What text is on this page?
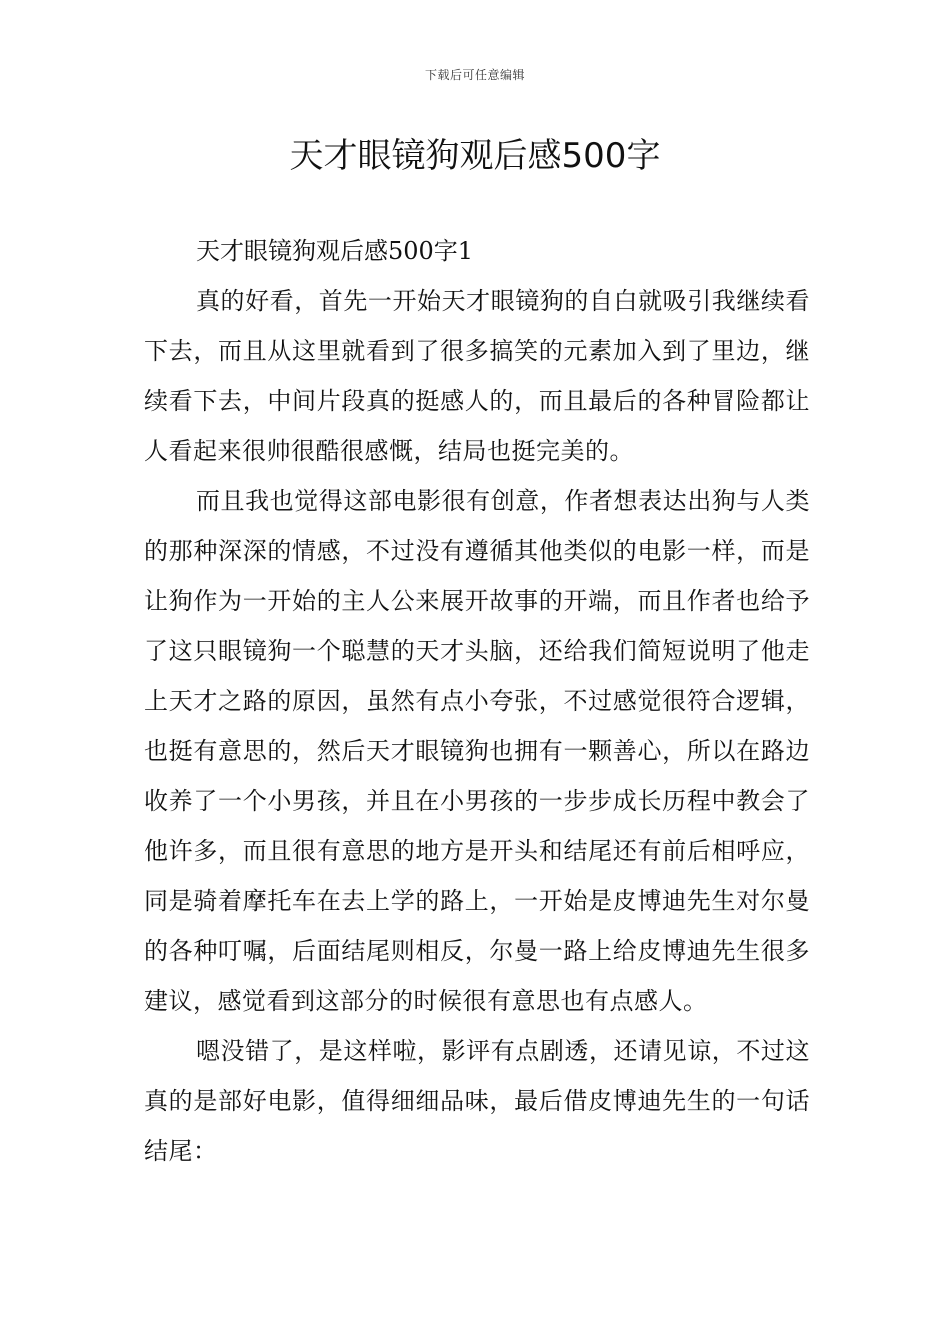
下载后可任意编辑
天才眼镜狗观后感500字

天才眼镜狗观后感500字1

真的好看，首先一开始天才眼镜狗的自白就吸引我继续看下去，而且从这里就看到了很多搞笑的元素加入到了里边，继续看下去，中间片段真的挺感人的，而且最后的各种冒险都让人看起来很帅很酷很感慨，结局也挺完美的。

而且我也觉得这部电影很有创意，作者想表达出狗与人类的那种深深的情感，不过没有遵循其他类似的电影一样，而是让狗作为一开始的主人公来展开故事的开端，而且作者也给予了这只眼镜狗一个聪慧的天才头脑，还给我们简短说明了他走上天才之路的原因，虽然有点小夸张，不过感觉很符合逻辑，也挺有意思的，然后天才眼镜狗也拥有一颗善心，所以在路边收养了一个小男孩，并且在小男孩的一步步成长历程中教会了他许多，而且很有意思的地方是开头和结尾还有前后相呼应，同是骑着摩托车在去上学的路上，一开始是皮博迪先生对尔曼的各种叮嘱，后面结尾则相反，尔曼一路上给皮博迪先生很多建议，感觉看到这部分的时候很有意思也有点感人。

嗯没错了，是这样啦，影评有点剧透，还请见谅，不过这真的是部好电影，值得细细品味，最后借皮博迪先生的一句话结尾：
